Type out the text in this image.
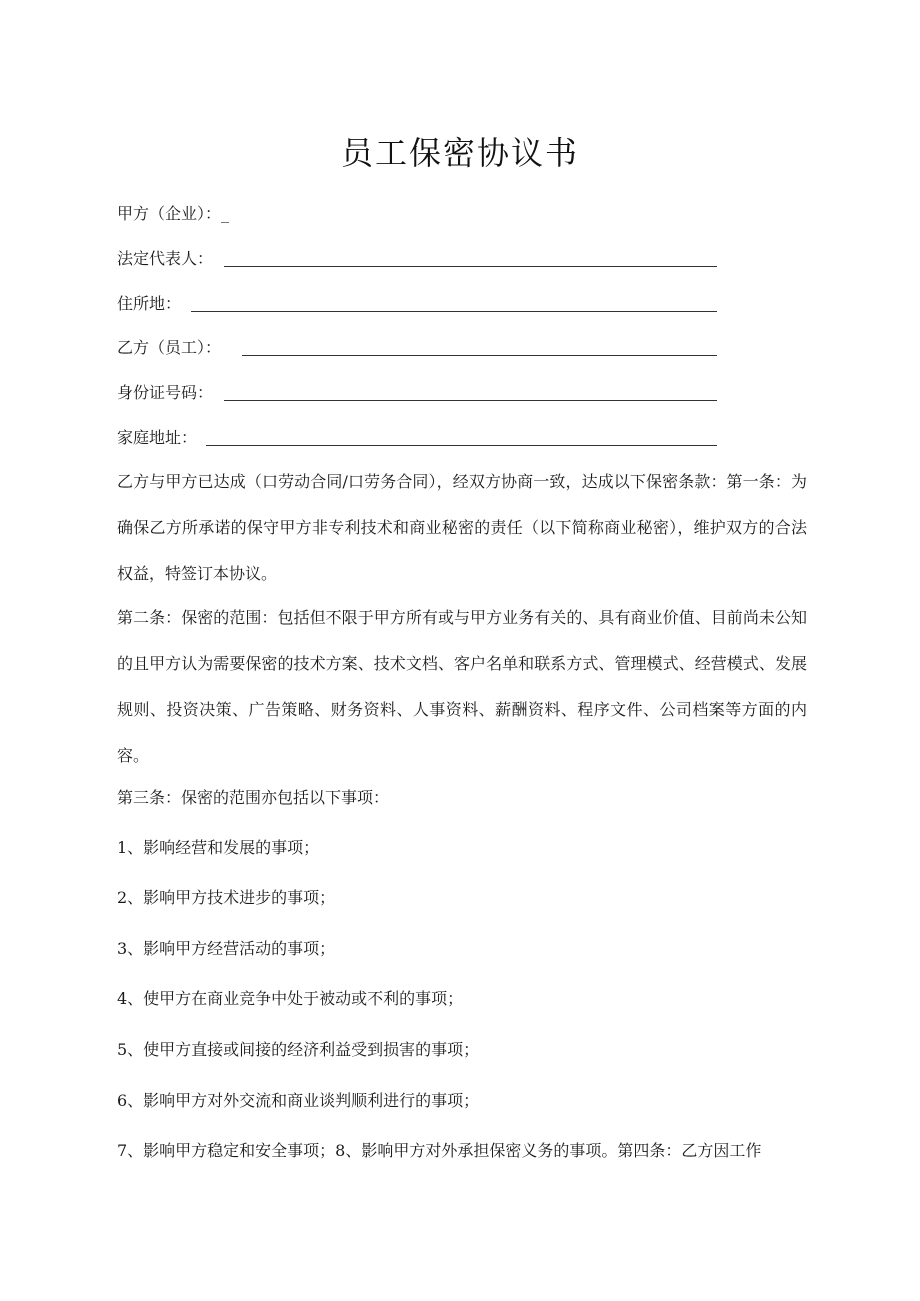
员工保密协议书
甲方（企业）：_
法定代表人：
住所地：
乙方（员工）：
身份证号码：
家庭地址：

乙方与甲方已达成（口劳动合同/口劳务合同），经双方协商一致，达成以下保密条款：第一条：为确保乙方所承诺的保守甲方非专利技术和商业秘密的责任（以下简称商业秘密），维护双方的合法权益，特签订本协议。

第二条：保密的范围：包括但不限于甲方所有或与甲方业务有关的、具有商业价值、目前尚未公知的且甲方认为需要保密的技术方案、技术文档、客户名单和联系方式、管理模式、经营模式、发展规则、投资决策、广告策略、财务资料、人事资料、薪酬资料、程序文件、公司档案等方面的内容。

第三条：保密的范围亦包括以下事项：
1、影响经营和发展的事项；
2、影响甲方技术进步的事项；
3、影响甲方经营活动的事项；
4、使甲方在商业竞争中处于被动或不利的事项；
5、使甲方直接或间接的经济利益受到损害的事项；
6、影响甲方对外交流和商业谈判顺利进行的事项；
7、影响甲方稳定和安全事项；8、影响甲方对外承担保密义务的事项。第四条：乙方因工作
